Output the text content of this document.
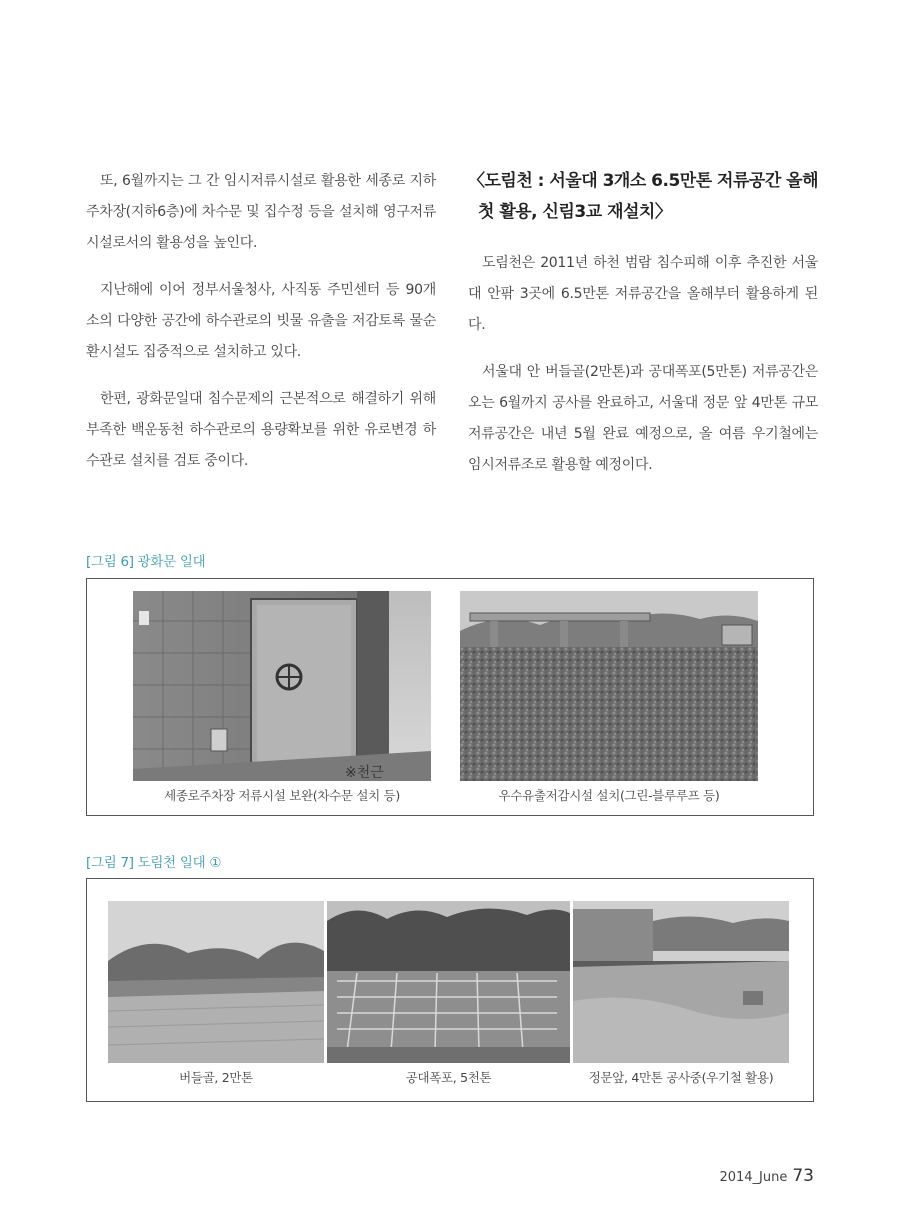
또, 6월까지는 그 간 임시저류시설로 활용한 세종로 지하주차장(지하6층)에 차수문 및 집수정 등을 설치해 영구저류시설로서의 활용성을 높인다.

지난해에 이어 정부서울청사, 사직동 주민센터 등 90개소의 다양한 공간에 하수관로의 빗물 유출을 저감토록 물순환시설도 집중적으로 설치하고 있다.

한편, 광화문일대 침수문제의 근본적으로 해결하기 위해 부족한 백운동천 하수관로의 용량확보를 위한 유로변경 하수관로 설치를 검토 중이다.

〈도림천 : 서울대 3개소 6.5만톤 저류공간 올해
첫 활용, 신림3교 재설치〉

도림천은 2011년 하천 범람 침수피해 이후 추진한 서울대 안팎 3곳에 6.5만톤 저류공간을 올해부터 활용하게 된다.

서울대 안 버들골(2만톤)과 공대폭포(5만톤) 저류공간은 오는 6월까지 공사를 완료하고, 서울대 정문 앞 4만톤 규모 저류공간은 내년 5월 완료 예정으로, 올 여름 우기철에는 임시저류조로 활용할 예정이다.

[그림 6] 광화문 일대
※천근
세종로주차장 저류시설 보완(차수문 설치 등)	우수유출저감시설 설치(그린-블루루프 등)
[그림 7] 도림천 일대 ①
버들골, 2만톤	공대폭포, 5천톤	정문앞, 4만톤 공사중(우기철 활용)
2014_June 73
